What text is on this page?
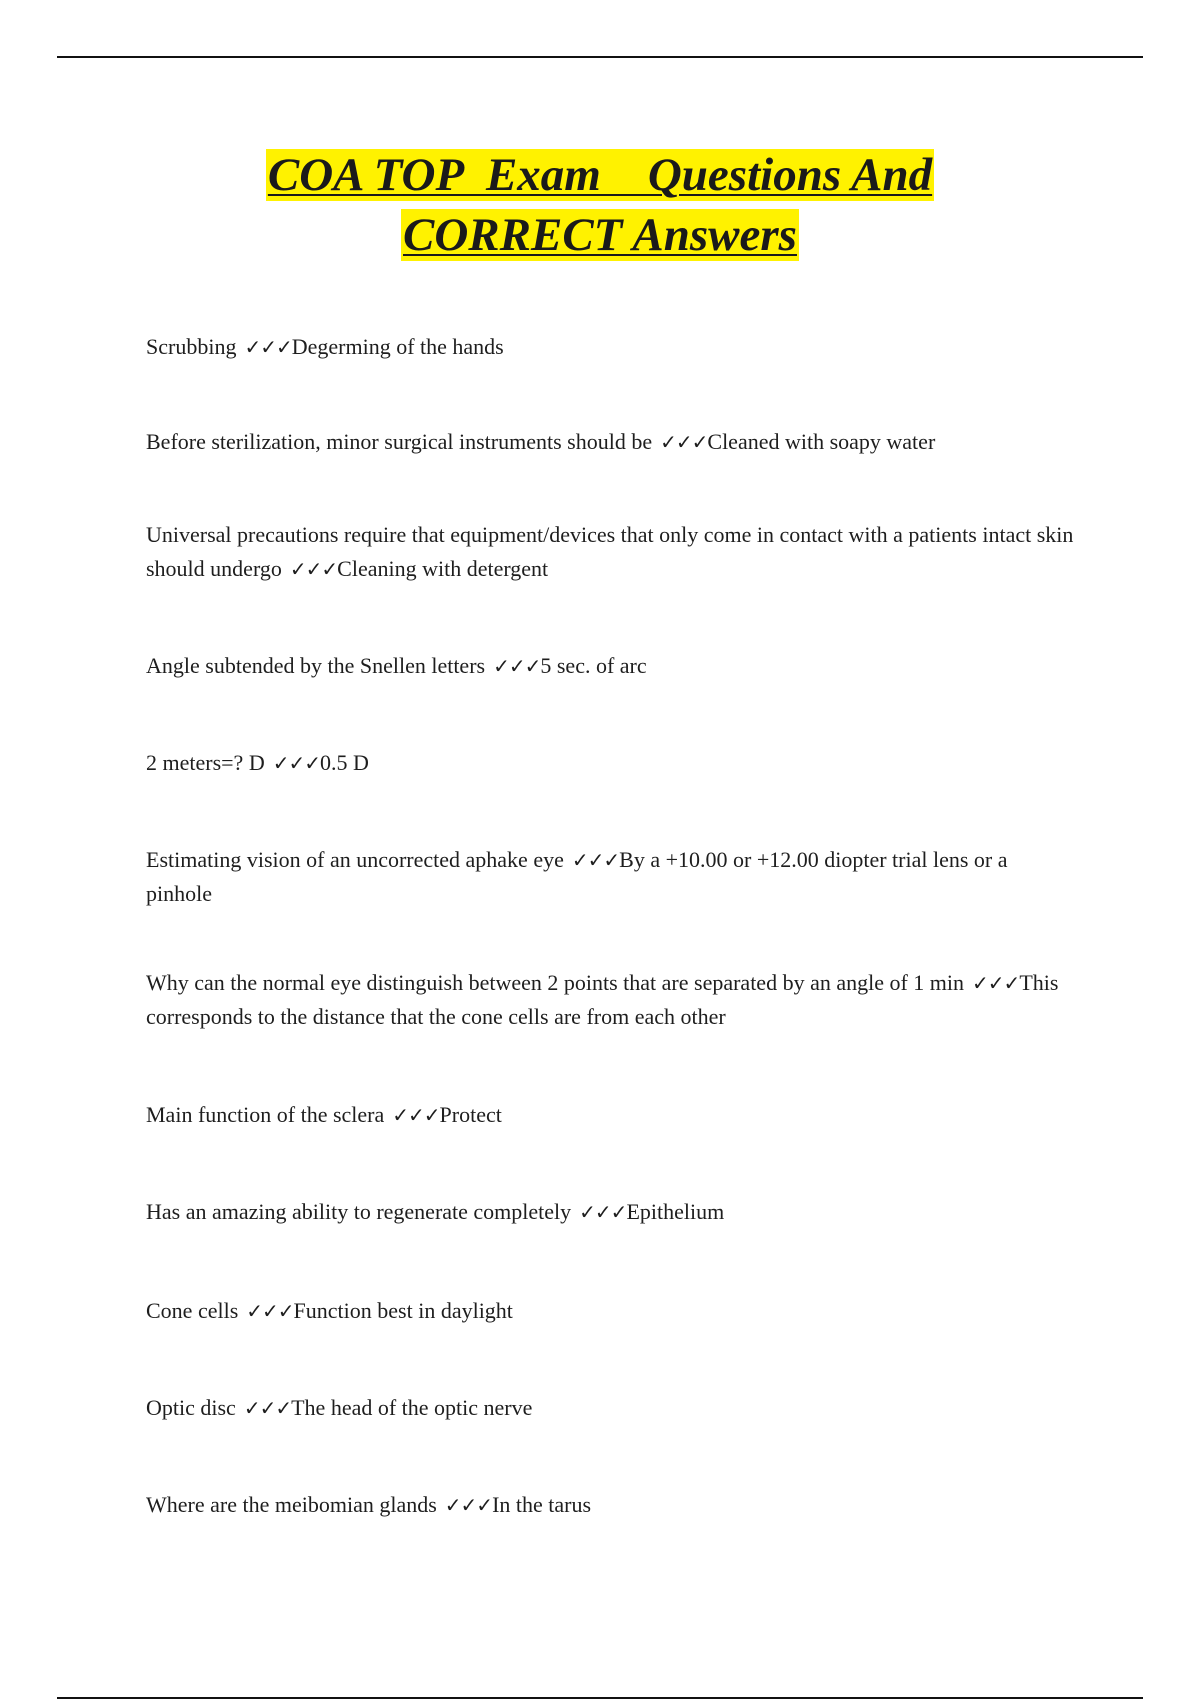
COA TOP  Exam    Questions And
CORRECT Answers

Scrubbing ✓✓✓Degerming of the hands

Before sterilization, minor surgical instruments should be ✓✓✓Cleaned with soapy water

Universal precautions require that equipment/devices that only come in contact with a patients intact skin should undergo ✓✓✓Cleaning with detergent

Angle subtended by the Snellen letters ✓✓✓5 sec. of arc

2 meters=? D ✓✓✓0.5 D

Estimating vision of an uncorrected aphake eye ✓✓✓By a +10.00 or +12.00 diopter trial lens or a pinhole

Why can the normal eye distinguish between 2 points that are separated by an angle of 1 min ✓✓✓This corresponds to the distance that the cone cells are from each other

Main function of the sclera ✓✓✓Protect

Has an amazing ability to regenerate completely ✓✓✓Epithelium

Cone cells ✓✓✓Function best in daylight

Optic disc ✓✓✓The head of the optic nerve

Where are the meibomian glands ✓✓✓In the tarus
